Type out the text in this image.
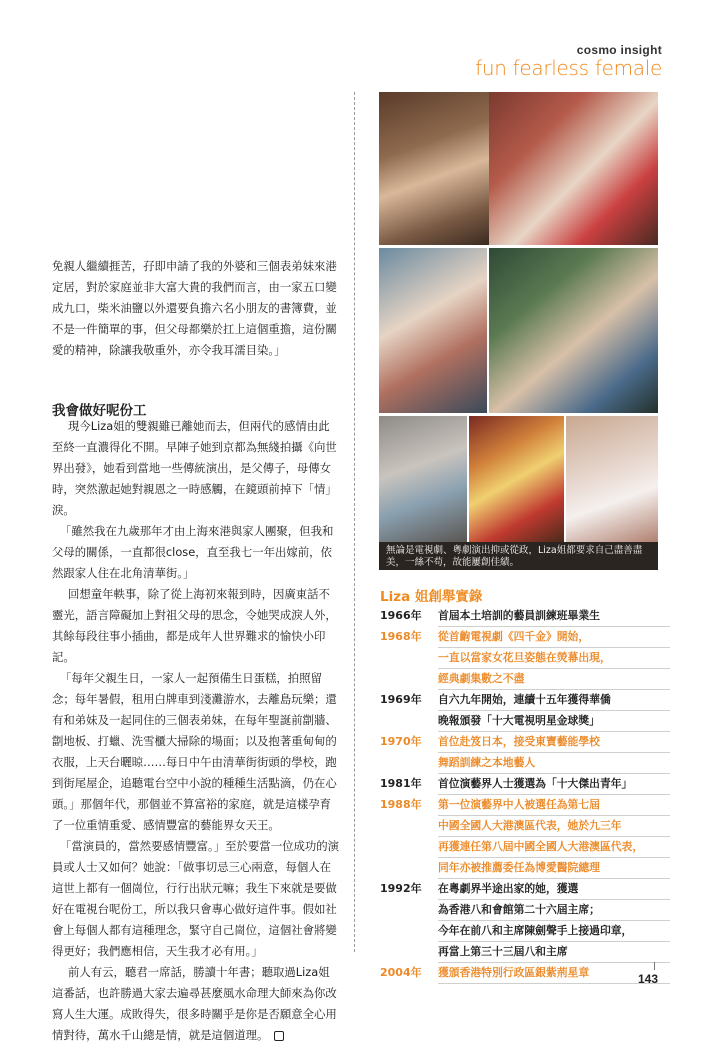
cosmo insight
fun fearless female

免親人繼續捱苦，孖即申請了我的外婆和三個表弟妹來港定居，對於家庭並非大富大貴的我們而言，由一家五口變成九口，柴米油鹽以外還要負擔六名小朋友的書簿費，並不是一件簡單的事，但父母都樂於扛上這個重擔，這份關愛的精神，除讓我敬重外，亦令我耳濡目染。」

我會做好呢份工

現今Liza姐的雙親雖已離她而去，但兩代的感情由此至終一直濃得化不開。早陣子她到京都為無綫拍攝《向世界出發》，她看到當地一些傳統演出，是父傳子，母傳女時，突然激起她對親恩之一時感觸，在鏡頭前掉下「情」淚。

「雖然我在九歲那年才由上海來港與家人團聚，但我和父母的關係，一直都很close，直至我七一年出嫁前，依然跟家人住在北角清華街。」

回想童年軼事，除了從上海初來報到時，因廣東話不靈光，語言障礙加上對祖父母的思念，令她哭成淚人外，其餘每段往事小插曲，都是成年人世界難求的愉快小印記。

「每年父親生日，一家人一起預備生日蛋糕，拍照留念；每年暑假，租用白牌車到淺灘游水，去離島玩樂；還有和弟妹及一起同住的三個表弟妹，在每年聖誕前劏牆、劏地板、打蠟、洗雪櫃大掃除的場面；以及抱著重甸甸的衣服，上天台曬晾……每日中午由清華街街頭的學校，跑到街尾屋企，追聽電台空中小說的種種生活點滴，仍在心頭。」那個年代，那個並不算富裕的家庭，就是這樣孕育了一位重情重愛、感情豐富的藝能界女天王。

「當演員的，當然要感情豐富。」至於要當一位成功的演員或人士又如何？她說：「做事切忌三心兩意，每個人在這世上都有一個崗位，行行出狀元嘛；我生下來就是要做好在電視台呢份工，所以我只會專心做好這件事。假如社會上每個人都有這種理念，緊守自己崗位，這個社會將變得更好；我們應相信，天生我才必有用。」

前人有云，聽君一席話，勝讀十年書；聽取過Liza姐這番話，也許勝過大家去遍尋甚麼風水命理大師來為你改寫人生大運。成敗得失，很多時關乎是你是否願意全心用情對待，萬水千山總是情，就是這個道理。

無論是電視劇、粵劇演出抑或從政，Liza姐都要求自己盡善盡美，一絲不苟，故能屢創佳績。
Liza 姐創舉實錄
1966年	首屆本土培訓的藝員訓練班畢業生
1968年	從首齣電視劇《四千金》開始，
一直以當家女花旦姿態在熒幕出現，
經典劇集數之不盡
1969年	自六九年開始，連續十五年獲得華僑
晚報頒發「十大電視明星金球獎」
1970年	首位赴笈日本，接受東寶藝能學校
舞蹈訓練之本地藝人
1981年	首位演藝界人士獲選為「十大傑出青年」
1988年	第一位演藝界中人被選任為第七屆
中國全國人大港澳區代表，她於九三年
再獲連任第八屆中國全國人大港澳區代表，
同年亦被推薦委任為博愛醫院總理
1992年	在粵劇界半途出家的她，獲選
為香港八和會館第二十六屆主席；
今年在前八和主席陳劍聲手上接過印章，
再當上第三十三屆八和主席
2004年	獲頒香港特別行政區銀紫荊星章	143
